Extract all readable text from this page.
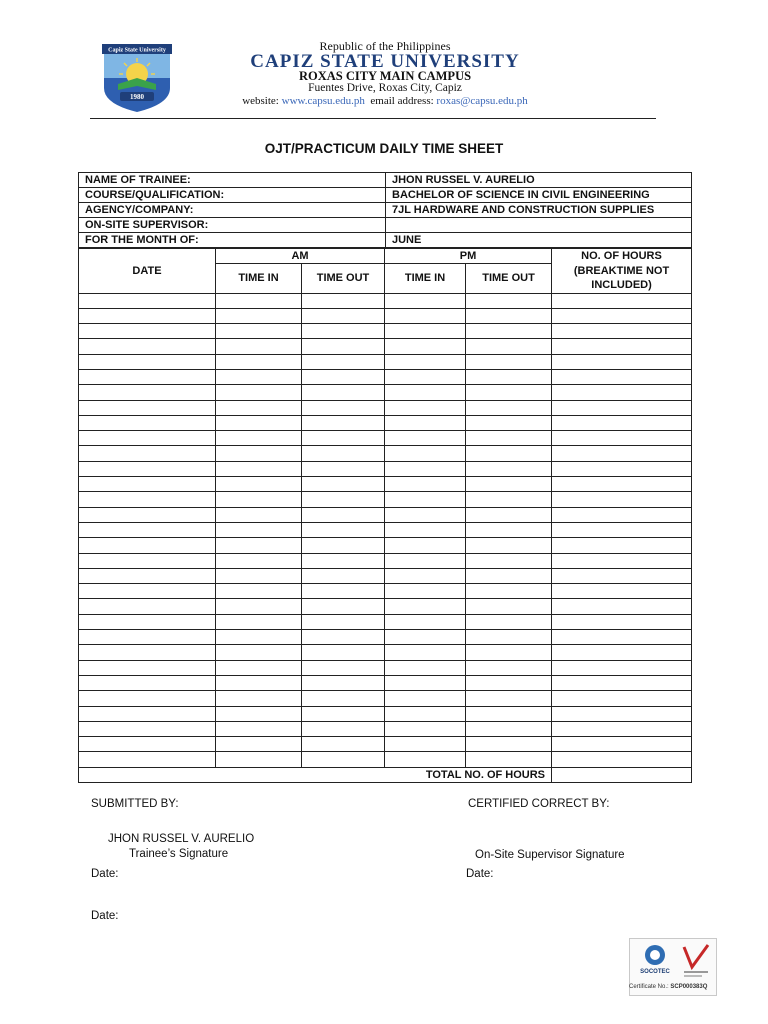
Capiz State University
1980
Republic of the Philippines
CAPIZ STATE UNIVERSITY
ROXAS CITY MAIN CAMPUS
Fuentes Drive, Roxas City, Capiz
website: www.capsu.edu.ph email address: roxas@capsu.edu.ph
OJT/PRACTICUM DAILY TIME SHEET
NAME OF TRAINEE:	JHON RUSSEL V. AURELIO
COURSE/QUALIFICATION:	BACHELOR OF SCIENCE IN CIVIL ENGINEERING
AGENCY/COMPANY:	7JL HARDWARE AND CONSTRUCTION SUPPLIES
ON-SITE SUPERVISOR:	
FOR THE MONTH OF:	JUNE
DATE	AM		PM		NO. OF HOURS (BREAKTIME NOT INCLUDED)
	TIME IN	TIME OUT	TIME IN	TIME OUT	

			TOTAL NO. OF HOURS		
SUBMITTED BY:	CERTIFIED CORRECT BY:
JHON RUSSEL V. AURELIO
Trainee’s Signature	On-Site Supervisor Signature
Date:	Date:
Date:
SOCOTEC
Certificate No.: SCP000383Q
